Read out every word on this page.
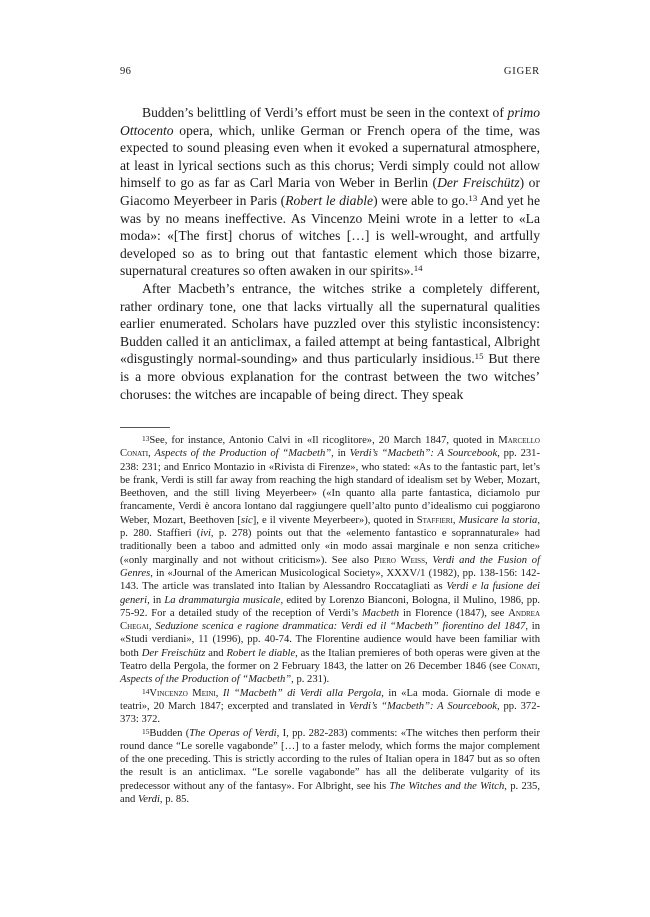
96	GIGER

Budden’s belittling of Verdi’s effort must be seen in the context of primo Ottocento opera, which, unlike German or French opera of the time, was expected to sound pleasing even when it evoked a supernatural atmosphere, at least in lyrical sections such as this chorus; Verdi simply could not allow himself to go as far as Carl Maria von Weber in Berlin (Der Freischütz) or Giacomo Meyerbeer in Paris (Robert le diable) were able to go.$^{13}$ And yet he was by no means ineffective. As Vincenzo Meini wrote in a letter to «La moda»: «[The first] chorus of witches […] is well-wrought, and artfully developed so as to bring out that fantastic element which those bizarre, supernatural creatures so often awaken in our spirits».$^{14}$

After Macbeth’s entrance, the witches strike a completely different, rather ordinary tone, one that lacks virtually all the supernatural qualities earlier enumerated. Scholars have puzzled over this stylistic inconsistency: Budden called it an anticlimax, a failed attempt at being fantastical, Albright «disgustingly normal-sounding» and thus particularly insidious.$^{15}$ But there is a more obvious explanation for the contrast between the two witches’ choruses: the witches are incapable of being direct. They speak

$^{13}$See, for instance, Antonio Calvi in «Il ricoglitore», 20 March 1847, quoted in Marcello Conati, Aspects of the Production of “Macbeth”, in Verdi’s “Macbeth”: A Sourcebook, pp. 231-238: 231; and Enrico Montazio in «Rivista di Firenze», who stated: «As to the fantastic part, let’s be frank, Verdi is still far away from reaching the high standard of idealism set by Weber, Mozart, Beethoven, and the still living Meyerbeer» («In quanto alla parte fantastica, diciamolo pur francamente, Verdi è ancora lontano dal raggiungere quell’alto punto d’idealismo cui poggiarono Weber, Mozart, Beethoven [sic], e il vivente Meyerbeer»), quoted in Staffieri, Musicare la storia, p. 280. Staffieri (ivi, p. 278) points out that the «elemento fantastico e soprannaturale» had traditionally been a taboo and admitted only «in modo assai marginale e non senza critiche» («only marginally and not without criticism»). See also Piero Weiss, Verdi and the Fusion of Genres, in «Journal of the American Musicological Society», XXXV/1 (1982), pp. 138-156: 142-143. The article was translated into Italian by Alessandro Roccatagliati as Verdi e la fusione dei generi, in La drammaturgia musicale, edited by Lorenzo Bianconi, Bologna, il Mulino, 1986, pp. 75-92. For a detailed study of the reception of Verdi’s Macbeth in Florence (1847), see Andrea Chegai, Seduzione scenica e ragione drammatica: Verdi ed il “Macbeth” fiorentino del 1847, in «Studi verdiani», 11 (1996), pp. 40-74. The Florentine audience would have been familiar with both Der Freischütz and Robert le diable, as the Italian premieres of both operas were given at the Teatro della Pergola, the former on 2 February 1843, the latter on 26 December 1846 (see Conati, Aspects of the Production of “Macbeth”, p. 231).

$^{14}$Vincenzo Meini, Il “Macbeth” di Verdi alla Pergola, in «La moda. Giornale di mode e teatri», 20 March 1847; excerpted and translated in Verdi’s “Macbeth”: A Sourcebook, pp. 372-373: 372.

$^{15}$Budden (The Operas of Verdi, I, pp. 282-283) comments: «The witches then perform their round dance “Le sorelle vagabonde” […] to a faster melody, which forms the major complement of the one preceding. This is strictly according to the rules of Italian opera in 1847 but as so often the result is an anticlimax. “Le sorelle vagabonde” has all the deliberate vulgarity of its predecessor without any of the fantasy». For Albright, see his The Witches and the Witch, p. 235, and Verdi, p. 85.
